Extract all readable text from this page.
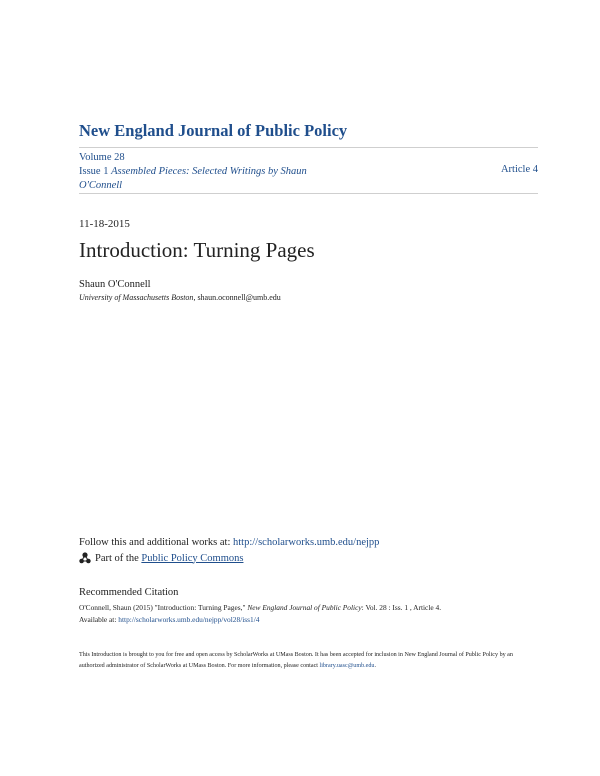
New England Journal of Public Policy
Volume 28
Issue 1 Assembled Pieces: Selected Writings by Shaun O'Connell
Article 4
11-18-2015
Introduction: Turning Pages
Shaun O'Connell
University of Massachusetts Boston, shaun.oconnell@umb.edu
Follow this and additional works at: http://scholarworks.umb.edu/nejpp
Part of the
Public Policy Commons
Recommended Citation
O'Connell, Shaun (2015) "Introduction: Turning Pages," New England Journal of Public Policy: Vol. 28 : Iss. 1 , Article 4.
Available at: http://scholarworks.umb.edu/nejpp/vol28/iss1/4
This Introduction is brought to you for free and open access by ScholarWorks at UMass Boston. It has been accepted for inclusion in New England Journal of Public Policy by an authorized administrator of ScholarWorks at UMass Boston. For more information, please contact library.uasc@umb.edu.
